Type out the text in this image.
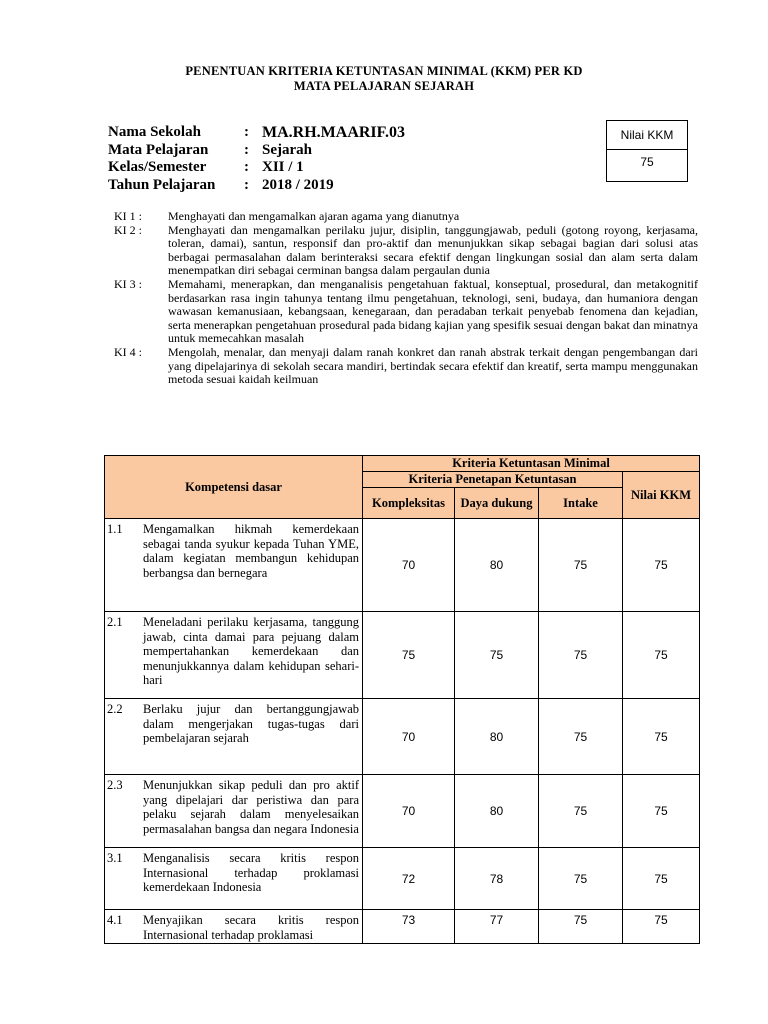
PENENTUAN KRITERIA KETUNTASAN MINIMAL (KKM) PER KD
MATA PELAJARAN SEJARAH
Nama Sekolah	: MA.RH.MAARIF.03
Mata Pelajaran	: Sejarah
Kelas/Semester	: XII / 1
Tahun Pelajaran	: 2018 / 2019
Nilai KKM
75
KI 1 :	Menghayati dan mengamalkan ajaran agama yang dianutnya
KI 2 :	Menghayati dan mengamalkan perilaku jujur, disiplin, tanggungjawab, peduli (gotong royong, kerjasama, toleran, damai), santun, responsif dan pro-aktif dan menunjukkan sikap sebagai bagian dari solusi atas berbagai permasalahan dalam berinteraksi secara efektif dengan lingkungan sosial dan alam serta dalam menempatkan diri sebagai cerminan bangsa dalam pergaulan dunia
KI 3 :	Memahami, menerapkan, dan menganalisis pengetahuan faktual, konseptual, prosedural, dan metakognitif berdasarkan rasa ingin tahunya tentang ilmu pengetahuan, teknologi, seni, budaya, dan humaniora dengan wawasan kemanusiaan, kebangsaan, kenegaraan, dan peradaban terkait penyebab fenomena dan kejadian, serta menerapkan pengetahuan prosedural pada bidang kajian yang spesifik sesuai dengan bakat dan minatnya untuk memecahkan masalah
KI 4 :	Mengolah, menalar, dan menyaji dalam ranah konkret dan ranah abstrak terkait dengan pengembangan dari yang dipelajarinya di sekolah secara mandiri, bertindak secara efektif dan kreatif, serta mampu menggunakan metoda sesuai kaidah keilmuan
Kompetensi dasar	Kriteria Ketuntasan Minimal			
	Kriteria Penetapan Ketuntasan			Nilai KKM
	Kompleksitas	Daya dukung	Intake	

1.1 Mengamalkan hikmah kemerdekaan sebagai tanda syukur kepada Tuhan YME, dalam kegiatan membangun kehidupan berbangsa dan bernegara	70	80	75	75

2.1 Meneladani perilaku kerjasama, tanggung jawab, cinta damai para pejuang dalam mempertahankan kemerdekaan dan menunjukkannya dalam kehidupan sehari-hari	75	75	75	75

2.2 Berlaku jujur dan bertanggungjawab dalam mengerjakan tugas-tugas dari pembelajaran sejarah	70	80	75	75

2.3 Menunjukkan sikap peduli dan pro aktif yang dipelajari dar peristiwa dan para pelaku sejarah dalam menyelesaikan permasalahan bangsa dan negara Indonesia	70	80	75	75

3.1 Menganalisis secara kritis respon Internasional terhadap proklamasi kemerdekaan Indonesia	72	78	75	75

4.1 Menyajikan secara kritis respon Internasional terhadap proklamasi	73	77	75	75
